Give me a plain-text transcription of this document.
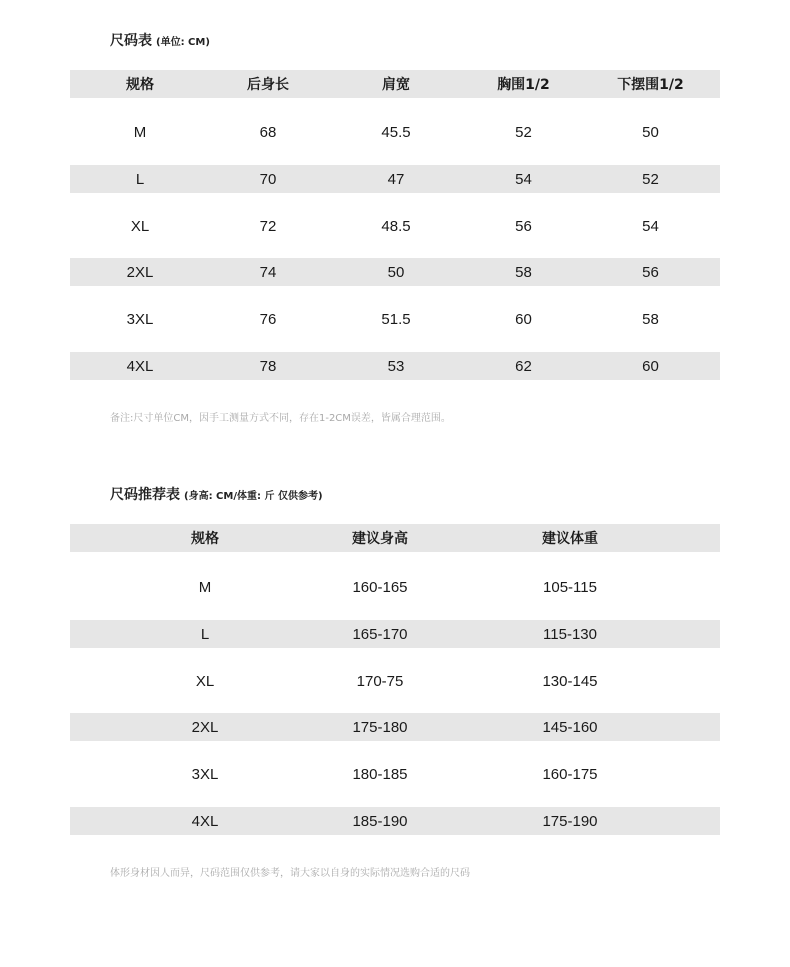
尺码表 (单位: CM)
规格	后身长	肩宽	胸围1/2	下摆围1/2
M	68	45.5	52	50
L	70	47	54	52
XL	72	48.5	56	54
2XL	74	50	58	56
3XL	76	51.5	60	58
4XL	78	53	62	60
备注:尺寸单位CM，因手工测量方式不同，存在1-2CM误差，皆属合理范围。
尺码推荐表 (身高: CM/体重: 斤 仅供参考)
规格	建议身高	建议体重
M	160-165	105-115
L	165-170	115-130
XL	170-75	130-145
2XL	175-180	145-160
3XL	180-185	160-175
4XL	185-190	175-190
体形身材因人而异，尺码范围仅供参考，请大家以自身的实际情况选购合适的尺码
